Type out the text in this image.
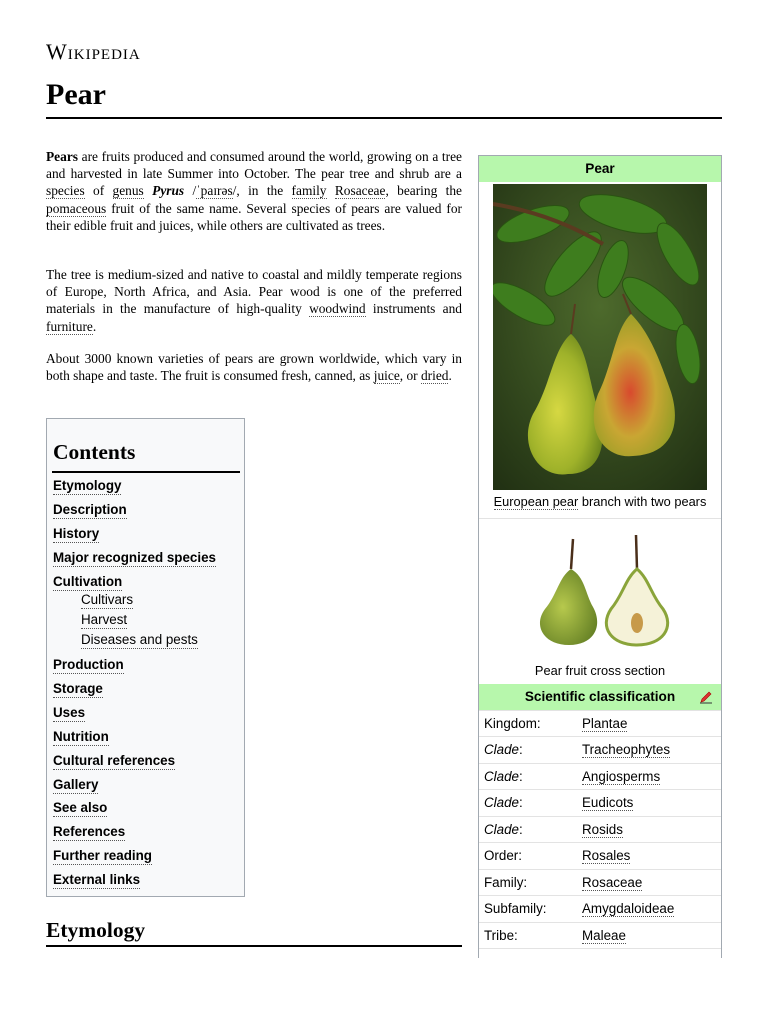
Wikipedia
Pear

Pears are fruits produced and consumed around the world, growing on a tree and harvested in late Summer into October. The pear tree and shrub are a species of genus Pyrus /ˈpaɪrəs/, in the family Rosaceae, bearing the pomaceous fruit of the same name. Several species of pears are valued for their edible fruit and juices, while others are cultivated as trees.

The tree is medium-sized and native to coastal and mildly temperate regions of Europe, North Africa, and Asia. Pear wood is one of the preferred materials in the manufacture of high-quality woodwind instruments and furniture.

About 3000 known varieties of pears are grown worldwide, which vary in both shape and taste. The fruit is consumed fresh, canned, as juice, or dried.

Contents
Etymology
Description
History
Major recognized species
Cultivation
Cultivars
Harvest
Diseases and pests
Production
Storage
Uses
Nutrition
Cultural references
Gallery
See also
References
Further reading
External links
Etymology
Pear
European pear branch with two pears
Pear fruit cross section
Scientific classification
Kingdom:	Plantae
Clade:	Tracheophytes
Clade:	Angiosperms
Clade:	Eudicots
Clade:	Rosids
Order:	Rosales
Family:	Rosaceae
Subfamily:	Amygdaloideae
Tribe:	Maleae
